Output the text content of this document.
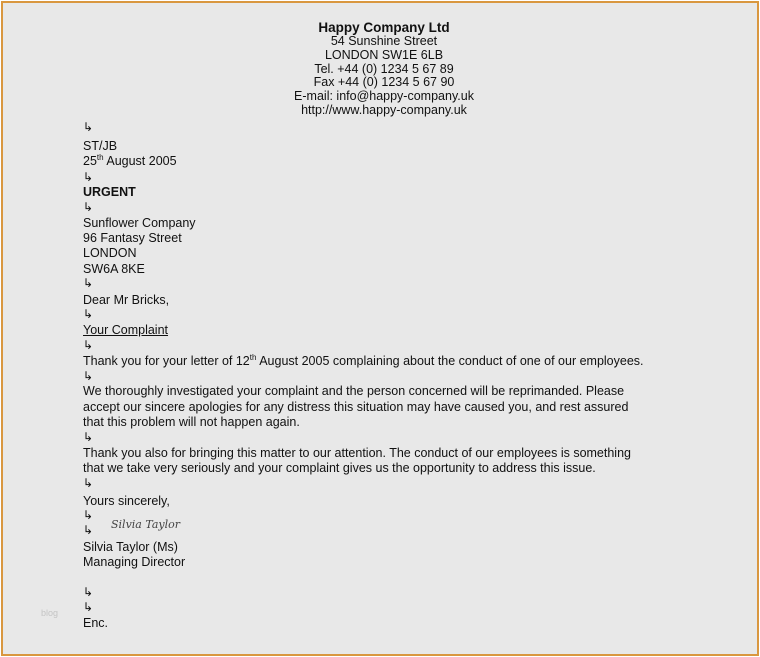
Happy Company Ltd
54 Sunshine Street
LONDON SW1E 6LB
Tel. +44 (0) 1234 5 67 89
Fax +44 (0) 1234 5 67 90
E-mail: info@happy-company.uk
http://www.happy-company.uk
↳
ST/JB
25th August 2005
↳
URGENT
↳
Sunflower Company
96 Fantasy Street
LONDON
SW6A 8KE
↳
Dear Mr Bricks,
↳
Your Complaint
↳
Thank you for your letter of 12th August 2005 complaining about the conduct of one of our employees.
↳
We thoroughly investigated your complaint and the person concerned will be reprimanded. Please
accept our sincere apologies for any distress this situation may have caused you, and rest assured
that this problem will not happen again.
↳
Thank you also for bringing this matter to our attention. The conduct of our employees is something
that we take very seriously and your complaint gives us the opportunity to address this issue.
↳
Yours sincerely,
↳
↳
Silvia Taylor (Ms)
Managing Director
↳
↳
Enc.
Silvia Taylor
blog
